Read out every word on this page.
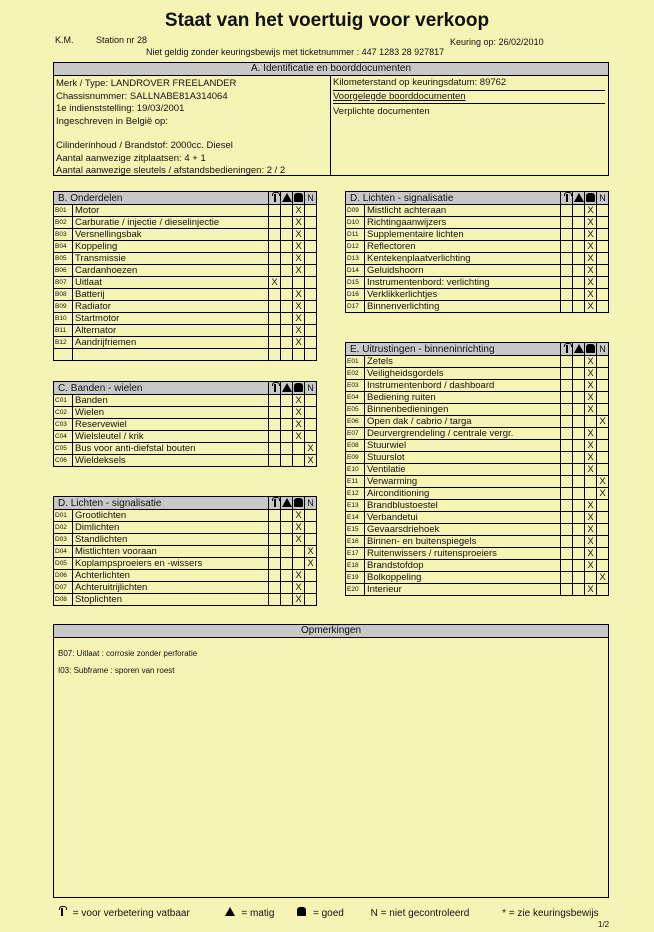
Staat van het voertuig voor verkoop
K.M. Station nr 28	Keuring op: 26/02/2010
Niet geldig zonder keuringsbewijs met ticketnummer : 447 1283 28 927817
A. Identificatie en boorddocumenten
Merk / Type: LANDROVER FREELANDER
Chassisnummer: SALLNABE81A314064
1e indienststelling: 19/03/2001
Ingeschreven in België op:
Cilinderinhoud / Brandstof: 2000cc. Diesel
Aantal aanwezige zitplaatsen: 4 + 1
Aantal aanwezige sleutels / afstandsbedieningen: 2 / 2
Kilometerstand op keuringsdatum: 89762
Voorgelegde boorddocumenten
Verplichte documenten
B. Onderdelen					N
B01	Motor			X	
B02	Carburatie / injectie / dieselinjectie			X	
B03	Versnellingsbak			X	
B04	Koppeling			X	
B05	Transmissie			X	
B06	Cardanhoezen			X	
B07	Uitlaat	X			
B08	Batterij			X	
B09	Radiator			X	
B10	Startmotor			X	
B11	Alternator			X	
B12	Aandrijfriemen			X	

C. Banden - wielen					N
C01	Banden			X	
C02	Wielen			X	
C03	Reservewiel			X	
C04	Wielsleutel / krik			X	
C05	Bus voor anti-diefstal bouten				X
C06	Wieldeksels				X
D. Lichten - signalisatie					N
D01	Grootlichten			X	
D02	Dimlichten			X	
D03	Standlichten			X	
D04	Mistlichten vooraan				X
D05	Koplampsproeiers en -wissers				X
D06	Achterlichten			X	
D07	Achteruitrijlichten			X	
D08	Stoplichten			X	
D. Lichten - signalisatie					N
D09	Mistlicht achteraan			X	
D10	Richtingaanwijzers			X	
D11	Supplementaire lichten			X	
D12	Reflectoren			X	
D13	Kentekenplaatverlichting			X	
D14	Geluidshoorn			X	
D15	Instrumentenbord: verlichting			X	
D16	Verklikkerlichtjes			X	
D17	Binnenverlichting			X	
E. Uitrustingen - binneninrichting					N
E01	Zetels			X	
E02	Veiligheidsgordels			X	
E03	Instrumentenbord / dashboard			X	
E04	Bediening ruiten			X	
E05	Binnenbedieningen			X	
E06	Open dak / cabrio / targa				X
E07	Deurvergrendeling / centrale vergr.			X	
E08	Stuurwiel			X	
E09	Stuurslot			X	
E10	Ventilatie			X	
E11	Verwarming				X
E12	Airconditioning				X
E13	Brandblustoestel			X	
E14	Verbandetui			X	
E15	Gevaarsdriehoek			X	
E16	Binnen- en buitenspiegels			X	
E17	Ruitenwissers / ruitensproeiers			X	
E18	Brandstofdop			X	
E19	Bolkoppeling				X
E20	Interieur			X	
Opmerkingen
B07: Uitlaat : corrosie zonder perforatie
I03: Subframe : sporen van roest
= voor verbetering vatbaar	= matig	= goed	N = niet gecontroleerd	* = zie keuringsbewijs
1/2
